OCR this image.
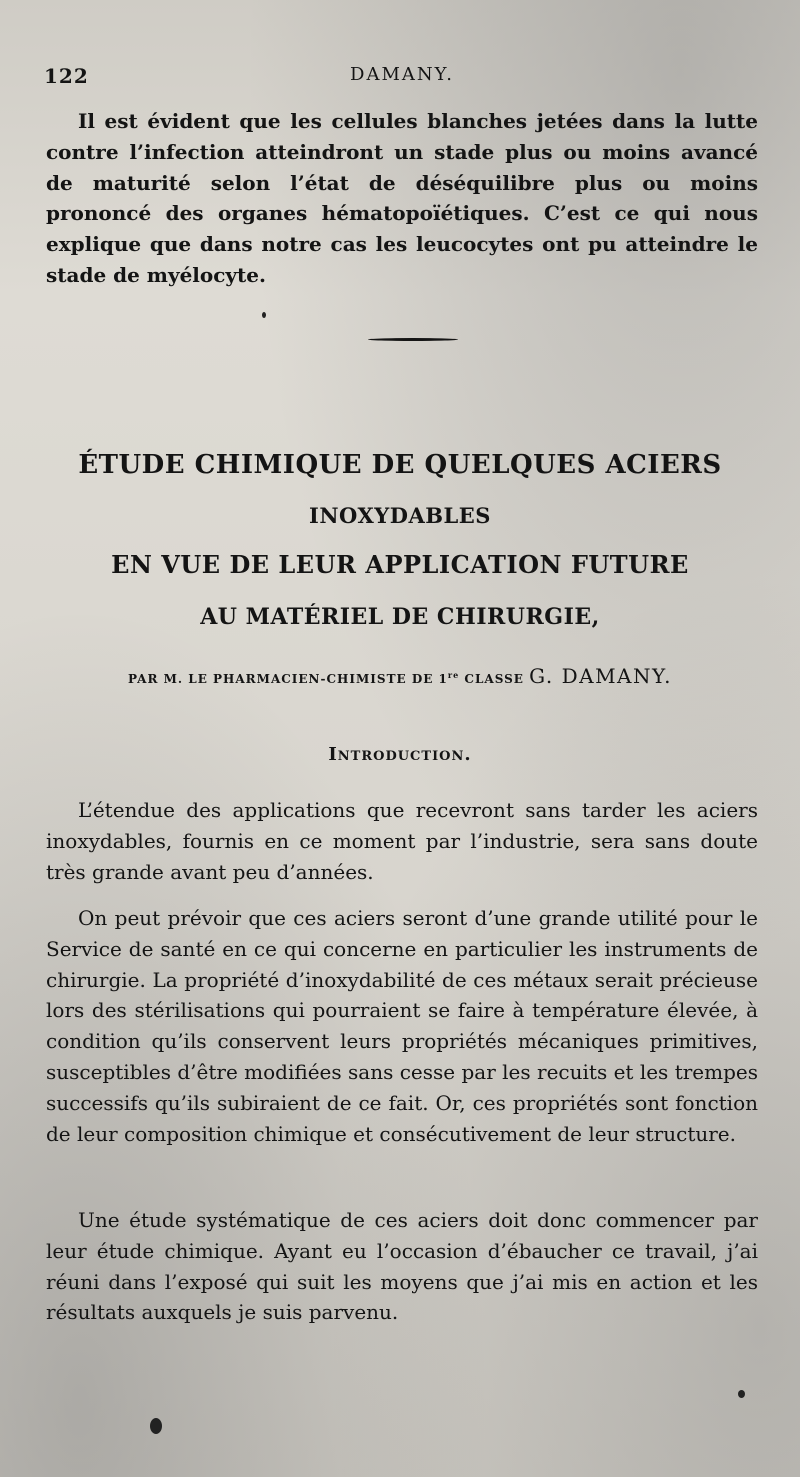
122	DAMANY.

Il est évident que les cellules blanches jetées dans la lutte contre l’infection atteindront un stade plus ou moins avancé de maturité selon l’état de déséquilibre plus ou moins prononcé des organes hématopoïétiques. C’est ce qui nous explique que dans notre cas les leucocytes ont pu atteindre le stade de myélocyte.

ÉTUDE CHIMIQUE DE QUELQUES ACIERS
INOXYDABLES
EN VUE DE LEUR APPLICATION FUTURE
AU MATÉRIEL DE CHIRURGIE,
PAR M. LE PHARMACIEN-CHIMISTE DE 1re CLASSE G. DAMANY.
Introduction.

L’étendue des applications que recevront sans tarder les aciers inoxydables, fournis en ce moment par l’industrie, sera sans doute très grande avant peu d’années.

On peut prévoir que ces aciers seront d’une grande utilité pour le Service de santé en ce qui concerne en particulier les instruments de chirurgie. La propriété d’inoxydabilité de ces métaux serait précieuse lors des stérilisations qui pourraient se faire à température élevée, à condition qu’ils conservent leurs propriétés mécaniques primitives, susceptibles d’être modifiées sans cesse par les recuits et les trempes successifs qu’ils subiraient de ce fait. Or, ces propriétés sont fonction de leur composition chimique et consécutivement de leur structure.

Une étude systématique de ces aciers doit donc commencer par leur étude chimique. Ayant eu l’occasion d’ébaucher ce travail, j’ai réuni dans l’exposé qui suit les moyens que j’ai mis en action et les résultats auxquels je suis parvenu.
